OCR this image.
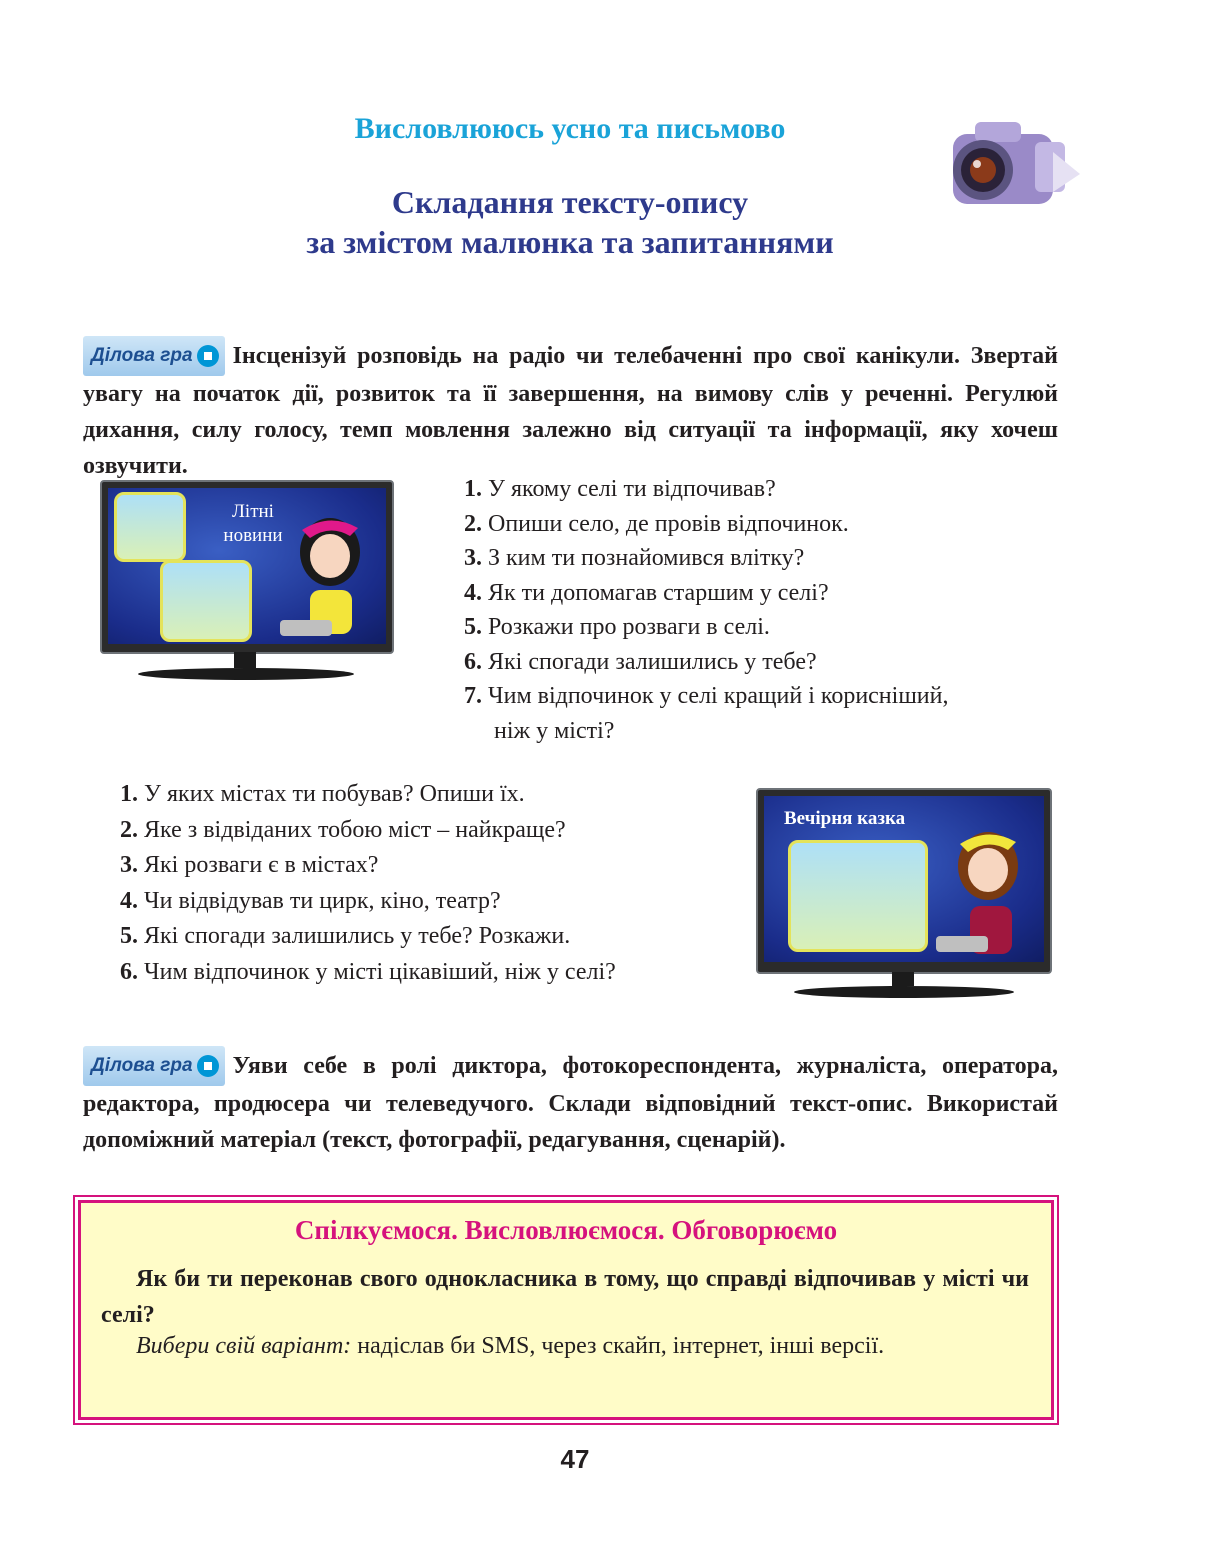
Висловлююсь усно та письмово
Складання тексту-опису
за змістом малюнка та запитаннями
Ділова гра Інсценізуй розповідь на радіо чи телебаченні про свої канікули. Звертай увагу на початок дії, розвиток та її завершення, на вимову слів у реченні. Регулюй дихання, силу голосу, темп мовлення залежно від ситуації та інформації, яку хочеш озвучити.
Літні новини
1. У якому селі ти відпочивав?
2. Опиши село, де провів відпочинок.
3. З ким ти познайомився влітку?
4. Як ти допомагав старшим у селі?
5. Розкажи про розваги в селі.
6. Які спогади залишились у тебе?
7. Чим відпочинок у селі кращий і корисніший,
ніж у місті?
1. У яких містах ти побував? Опиши їх.
2. Яке з відвіданих тобою міст – найкраще?
3. Які розваги є в містах?
4. Чи відвідував ти цирк, кіно, театр?
5. Які спогади залишились у тебе? Розкажи.
6. Чим відпочинок у місті цікавіший, ніж у селі?
Вечірня казка
Ділова гра Уяви себе в ролі диктора, фотокореспондента, журналіста, оператора, редактора, продюсера чи телеведучого. Склади відповідний текст-опис. Використай допоміжний матеріал (текст, фотографії, редагування, сценарій).
Спілкуємося. Висловлюємося. Обговорюємо
Як би ти переконав свого однокласника в тому, що справді відпочивав у місті чи селі?
Вибери свій варіант: надіслав би SMS, через скайп, інтернет, інші версії.
47
